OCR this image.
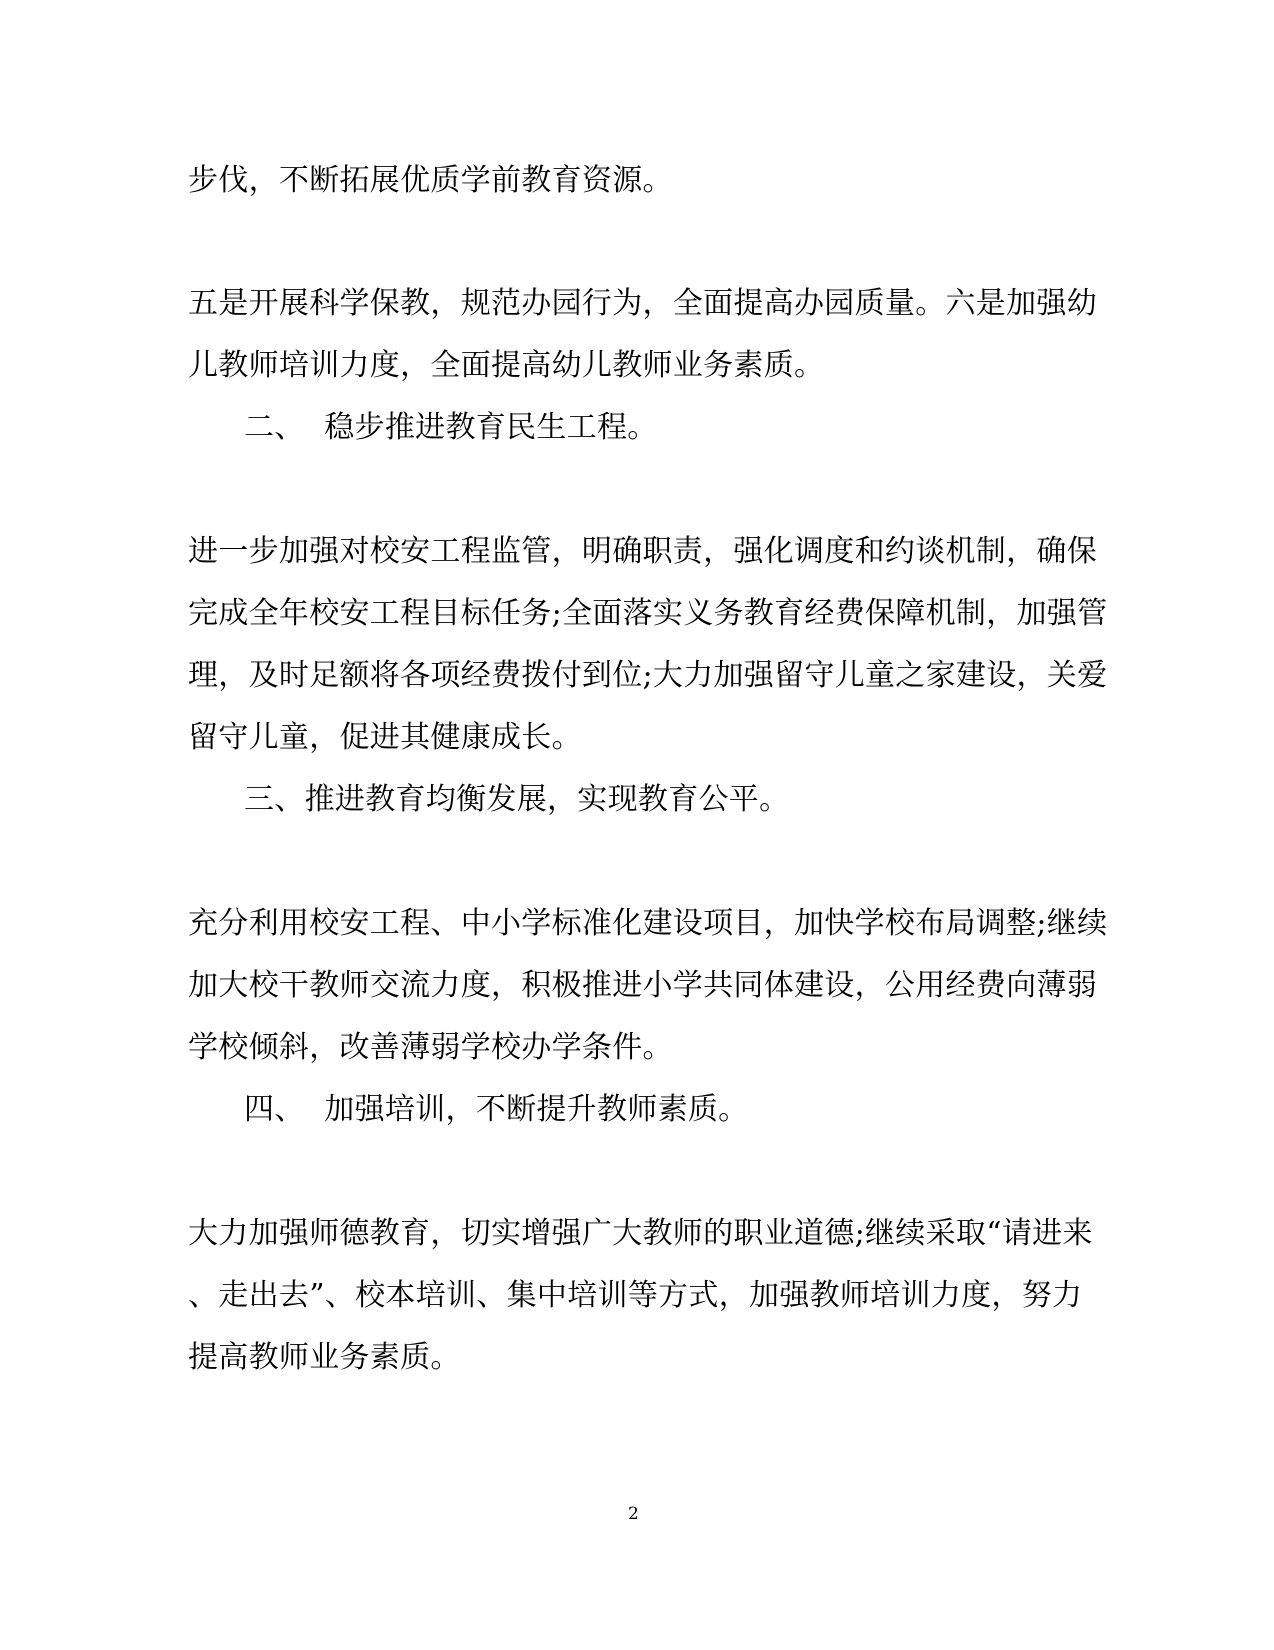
步伐，不断拓展优质学前教育资源。
五是开展科学保教，规范办园行为，全面提高办园质量。六是加强幼
儿教师培训力度，全面提高幼儿教师业务素质。
二、  稳步推进教育民生工程。
进一步加强对校安工程监管，明确职责，强化调度和约谈机制，确保
完成全年校安工程目标任务;全面落实义务教育经费保障机制，加强管
理，及时足额将各项经费拨付到位;大力加强留守儿童之家建设，关爱
留守儿童，促进其健康成长。
三、推进教育均衡发展，实现教育公平。
充分利用校安工程、中小学标准化建设项目，加快学校布局调整;继续
加大校干教师交流力度，积极推进小学共同体建设，公用经费向薄弱
学校倾斜，改善薄弱学校办学条件。
四、  加强培训，不断提升教师素质。
大力加强师德教育，切实增强广大教师的职业道德;继续采取“请进来
、走出去”、校本培训、集中培训等方式，加强教师培训力度，努力
提高教师业务素质。
2
